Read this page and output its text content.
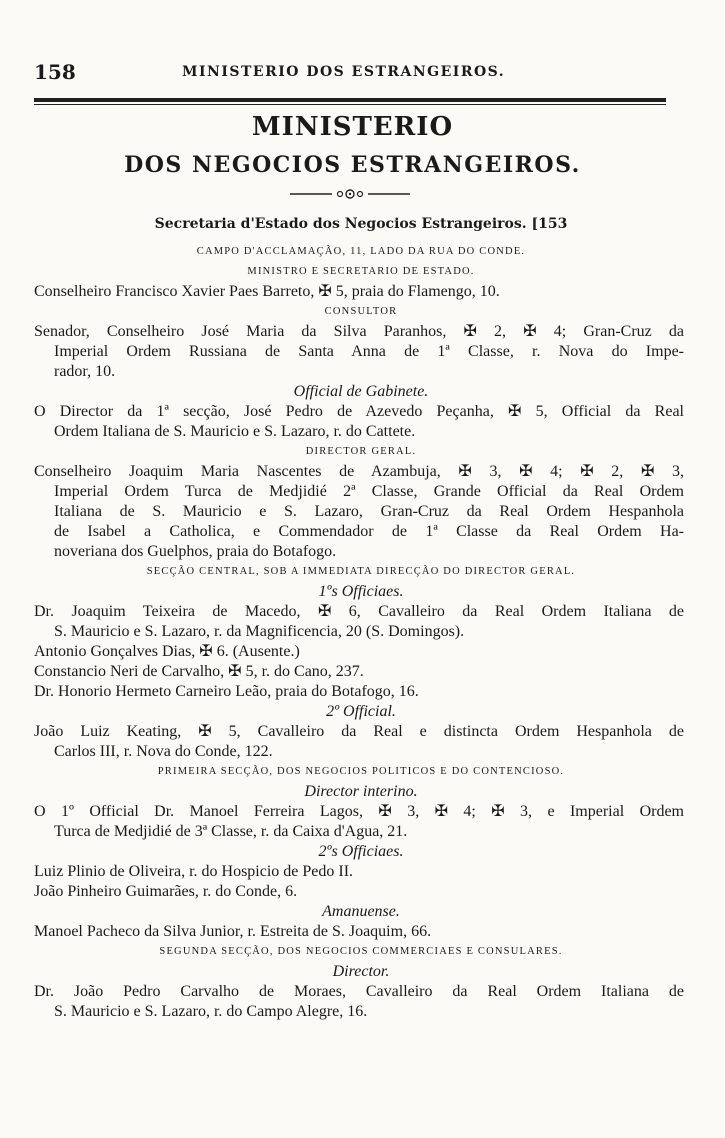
158	MINISTERIO DOS ESTRANGEIROS.
MINISTERIO
DOS NEGOCIOS ESTRANGEIROS.
Secretaria d'Estado dos Negocios Estrangeiros. [153
CAMPO D'ACCLAMAÇÃO, 11, LADO DA RUA DO CONDE.
MINISTRO E SECRETARIO DE ESTADO.
Conselheiro Francisco Xavier Paes Barreto, ✠ 5, praia do Flamengo, 10.
CONSULTOR
Senador, Conselheiro José Maria da Silva Paranhos, ✠ 2, ✠ 4; Gran-Cruz da
Imperial Ordem Russiana de Santa Anna de 1ª Classe, r. Nova do Impe-
rador, 10.
Official de Gabinete.
O Director da 1ª secção, José Pedro de Azevedo Peçanha, ✠ 5, Official da Real
Ordem Italiana de S. Mauricio e S. Lazaro, r. do Cattete.
DIRECTOR GERAL.
Conselheiro Joaquim Maria Nascentes de Azambuja, ✠ 3, ✠ 4; ✠ 2, ✠ 3,
Imperial Ordem Turca de Medjidié 2ª Classe, Grande Official da Real Ordem
Italiana de S. Mauricio e S. Lazaro, Gran-Cruz da Real Ordem Hespanhola
de Isabel a Catholica, e Commendador de 1ª Classe da Real Ordem Ha-
noveriana dos Guelphos, praia do Botafogo.
SECÇÃO CENTRAL, SOB A IMMEDIATA DIRECÇÃO DO DIRECTOR GERAL.
1ºs Officiaes.
Dr. Joaquim Teixeira de Macedo, ✠ 6, Cavalleiro da Real Ordem Italiana de
S. Mauricio e S. Lazaro, r. da Magnificencia, 20 (S. Domingos).
Antonio Gonçalves Dias, ✠ 6. (Ausente.)
Constancio Neri de Carvalho, ✠ 5, r. do Cano, 237.
Dr. Honorio Hermeto Carneiro Leão, praia do Botafogo, 16.
2º Official.
João Luiz Keating, ✠ 5, Cavalleiro da Real e distincta Ordem Hespanhola de
Carlos III, r. Nova do Conde, 122.
PRIMEIRA SECÇÃO, DOS NEGOCIOS POLITICOS E DO CONTENCIOSO.
Director interino.
O 1º Official Dr. Manoel Ferreira Lagos, ✠ 3, ✠ 4; ✠ 3, e Imperial Ordem
Turca de Medjidié de 3ª Classe, r. da Caixa d'Agua, 21.
2ºs Officiaes.
Luiz Plinio de Oliveira, r. do Hospicio de Pedo II.
João Pinheiro Guimarães, r. do Conde, 6.
Amanuense.
Manoel Pacheco da Silva Junior, r. Estreita de S. Joaquim, 66.
SEGUNDA SECÇÃO, DOS NEGOCIOS COMMERCIAES E CONSULARES.
Director.
Dr. João Pedro Carvalho de Moraes, Cavalleiro da Real Ordem Italiana de
S. Mauricio e S. Lazaro, r. do Campo Alegre, 16.
